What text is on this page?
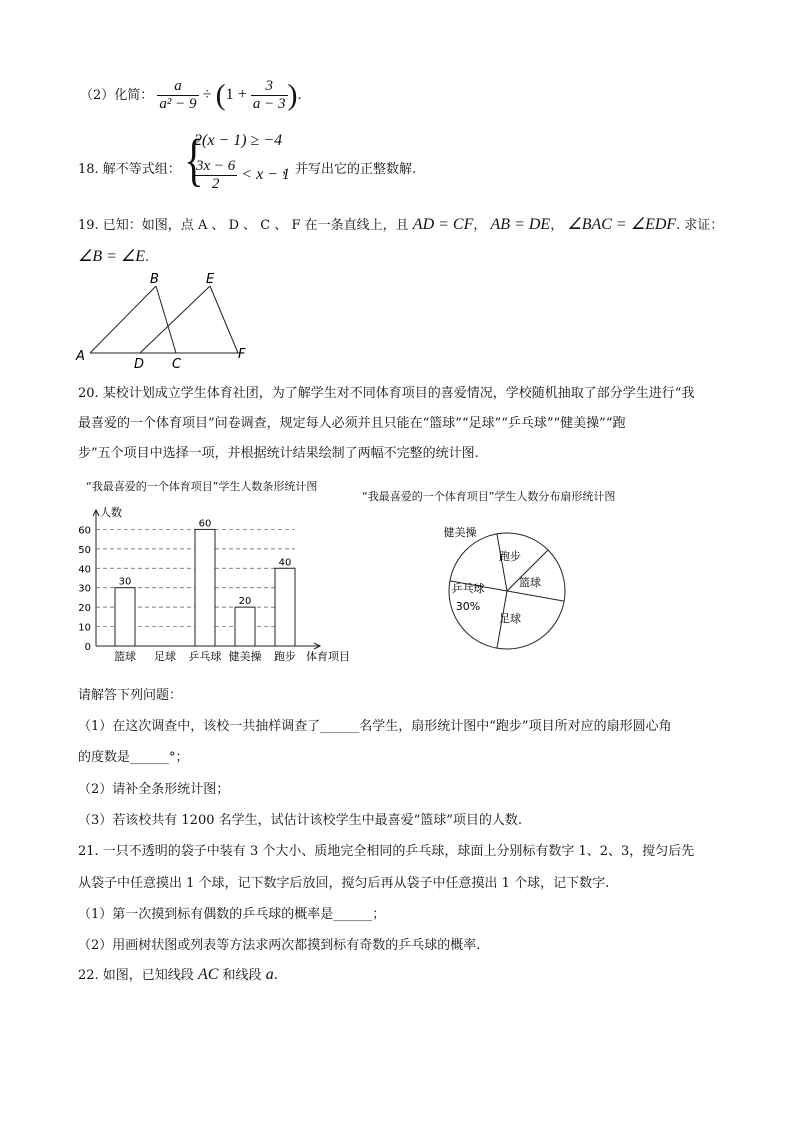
（2）化简： $\frac{a}{\text{a² − 9}} \div (1 + \frac{3}{a - 3}$ ).
18. 解不等式组： {
2(x − 1) ≥ −4
$\frac{3x - 6}{2} < x - 1$
，并写出它的正整数解.
19. 已知：如图，点 A 、 D 、 C 、 F 在一条直线上，且 AD = CF， AB = DE， ∠BAC = ∠EDF. 求证：
∠B = ∠E.
A
B
C
D
E
F
20. 某校计划成立学生体育社团，为了解学生对不同体育项目的喜爱情况，学校随机抽取了部分学生进行“我
最喜爱的一个体育项目”问卷调查，规定每人必须并且只能在“篮球”“足球”“乒乓球”“健美操”“跑
步”五个项目中选择一项，并根据统计结果绘制了两幅不完整的统计图.
“我最喜爱的一个体育项目”学生人数条形统计图
“我最喜爱的一个体育项目”学生人数分布扇形统计图
0
10
20
30
40
50
60
人数
体育项目
30
篮球 足球
60
乒乓球
20
健美操
40
跑步
健美操
跑步
篮球
足球
乒乓球
30%
请解答下列问题：
（1）在这次调查中，该校一共抽样调查了______名学生，扇形统计图中“跑步”项目所对应的扇形圆心角
的度数是______°；
（2）请补全条形统计图；
（3）若该校共有 1200 名学生，试估计该校学生中最喜爱“篮球”项目的人数.
21. 一只不透明的袋子中装有 3 个大小、质地完全相同的乒乓球，球面上分别标有数字 1、2、3，搅匀后先
从袋子中任意摸出 1 个球，记下数字后放回，搅匀后再从袋子中任意摸出 1 个球，记下数字.
（1）第一次摸到标有偶数的乒乓球的概率是______；
（2）用画树状图或列表等方法求两次都摸到标有奇数的乒乓球的概率.
22. 如图，已知线段 AC 和线段 a.
